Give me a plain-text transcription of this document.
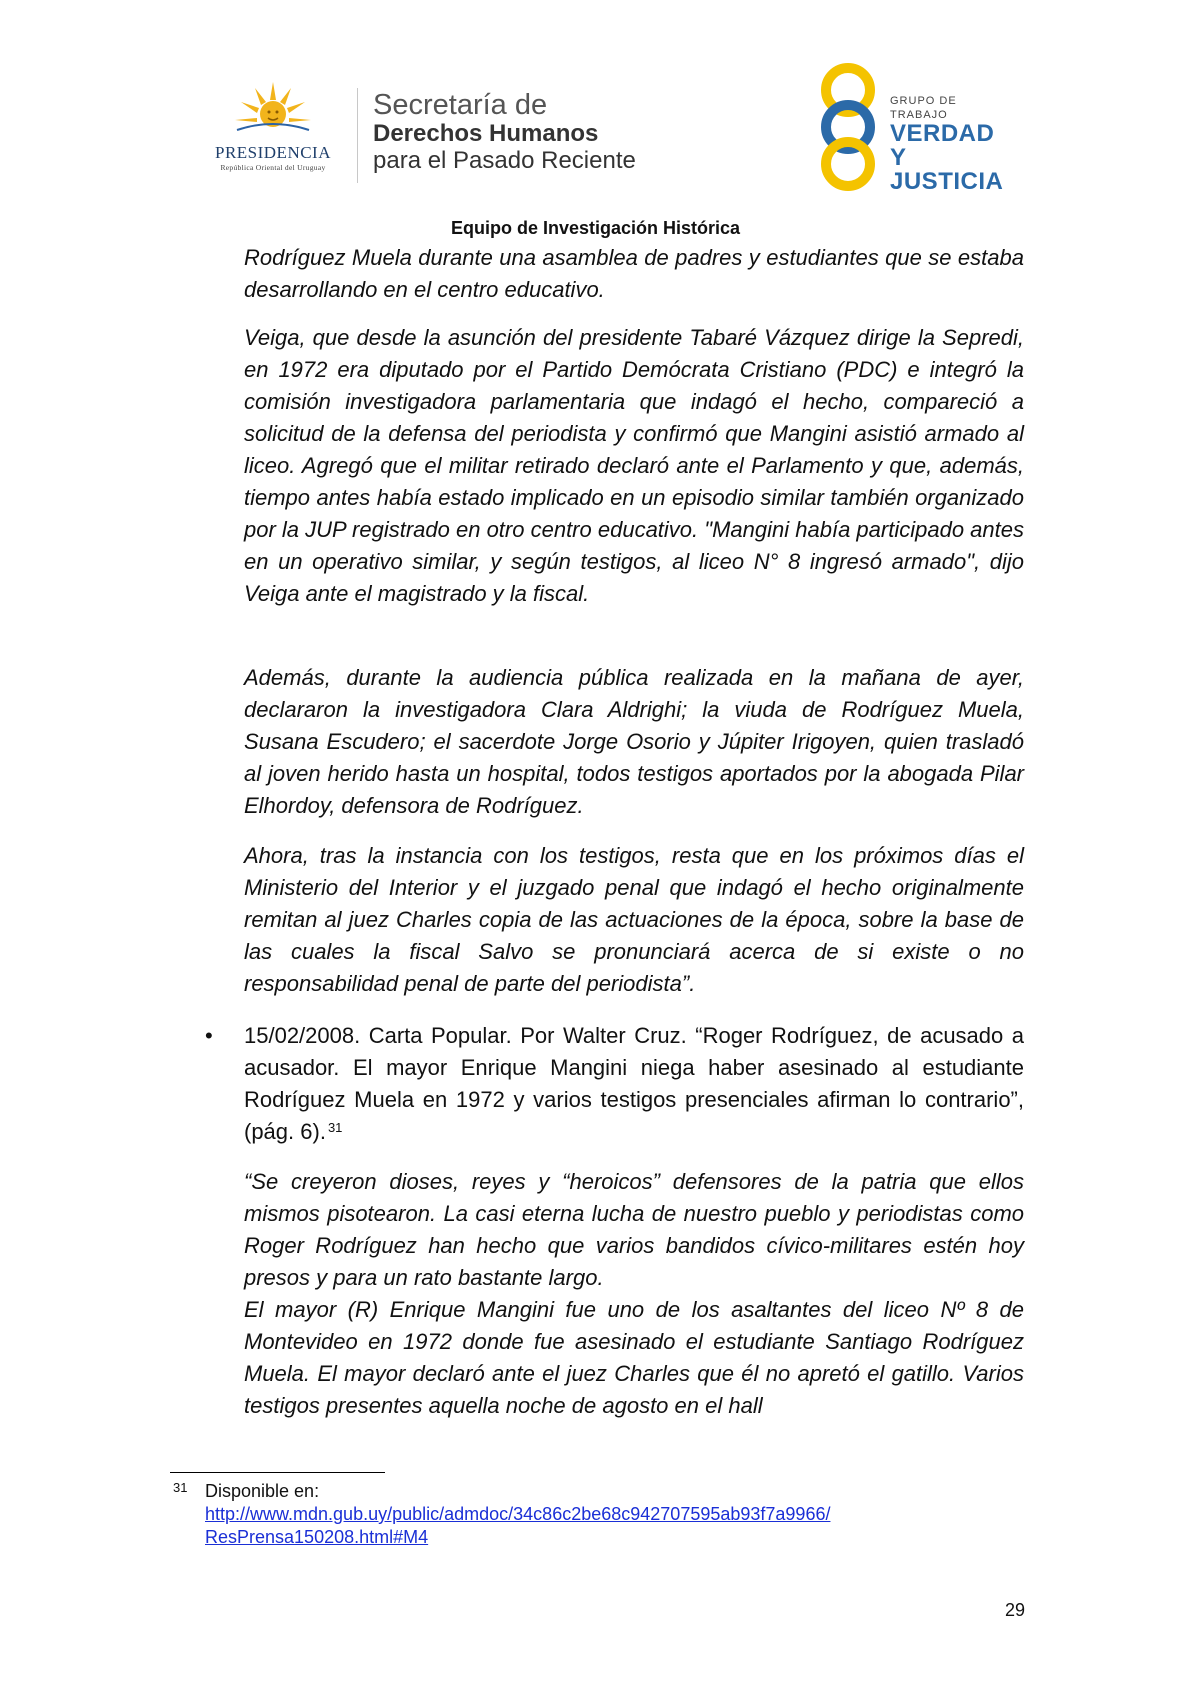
PRESIDENCIA
República Oriental del Uruguay
Secretaría de
Derechos Humanos
para el Pasado Reciente
GRUPO DE TRABAJO
VERDAD Y
JUSTICIA
Equipo de Investigación Histórica

Rodríguez Muela durante una asamblea de padres y estudiantes que se estaba desarrollando en el centro educativo.

Veiga, que desde la asunción del presidente Tabaré Vázquez dirige la Sepredi, en 1972 era diputado por el Partido Demócrata Cristiano (PDC) e integró la comisión investigadora parlamentaria que indagó el hecho, compareció a solicitud de la defensa del periodista y confirmó que Mangini asistió armado al liceo. Agregó que el militar retirado declaró ante el Parlamento y que, además, tiempo antes había estado implicado en un episodio similar también organizado por la JUP registrado en otro centro educativo. "Mangini había participado antes en un operativo similar, y según testigos, al liceo N° 8 ingresó armado", dijo Veiga ante el magistrado y la fiscal.

Además, durante la audiencia pública realizada en la mañana de ayer, declararon la investigadora Clara Aldrighi; la viuda de Rodríguez Muela, Susana Escudero; el sacerdote Jorge Osorio y Júpiter Irigoyen, quien trasladó al joven herido hasta un hospital, todos testigos aportados por la abogada Pilar Elhordoy, defensora de Rodríguez.

Ahora, tras la instancia con los testigos, resta que en los próximos días el Ministerio del Interior y el juzgado penal que indagó el hecho originalmente remitan al juez Charles copia de las actuaciones de la época, sobre la base de las cuales la fiscal Salvo se pronunciará acerca de si existe o no responsabilidad penal de parte del periodista”.

• 15/02/2008. Carta Popular. Por Walter Cruz. “Roger Rodríguez, de acusado a acusador. El mayor Enrique Mangini niega haber asesinado al estudiante Rodríguez Muela en 1972 y varios testigos presenciales afirman lo contrario”, (pág. 6). $^{31}$

“Se creyeron dioses, reyes y “heroicos” defensores de la patria que ellos mismos pisotearon. La casi eterna lucha de nuestro pueblo y periodistas como Roger Rodríguez han hecho que varios bandidos cívico-militares estén hoy presos y para un rato bastante largo.

El mayor (R) Enrique Mangini fue uno de los asaltantes del liceo Nº 8 de Montevideo en 1972 donde fue asesinado el estudiante Santiago Rodríguez Muela. El mayor declaró ante el juez Charles que él no apretó el gatillo. Varios testigos presentes aquella noche de agosto en el hall

31 Disponible en:
http://www.mdn.gub.uy/public/admdoc/34c86c2be68c942707595ab93f7a9966/
ResPrensa150208.html#M4
29
